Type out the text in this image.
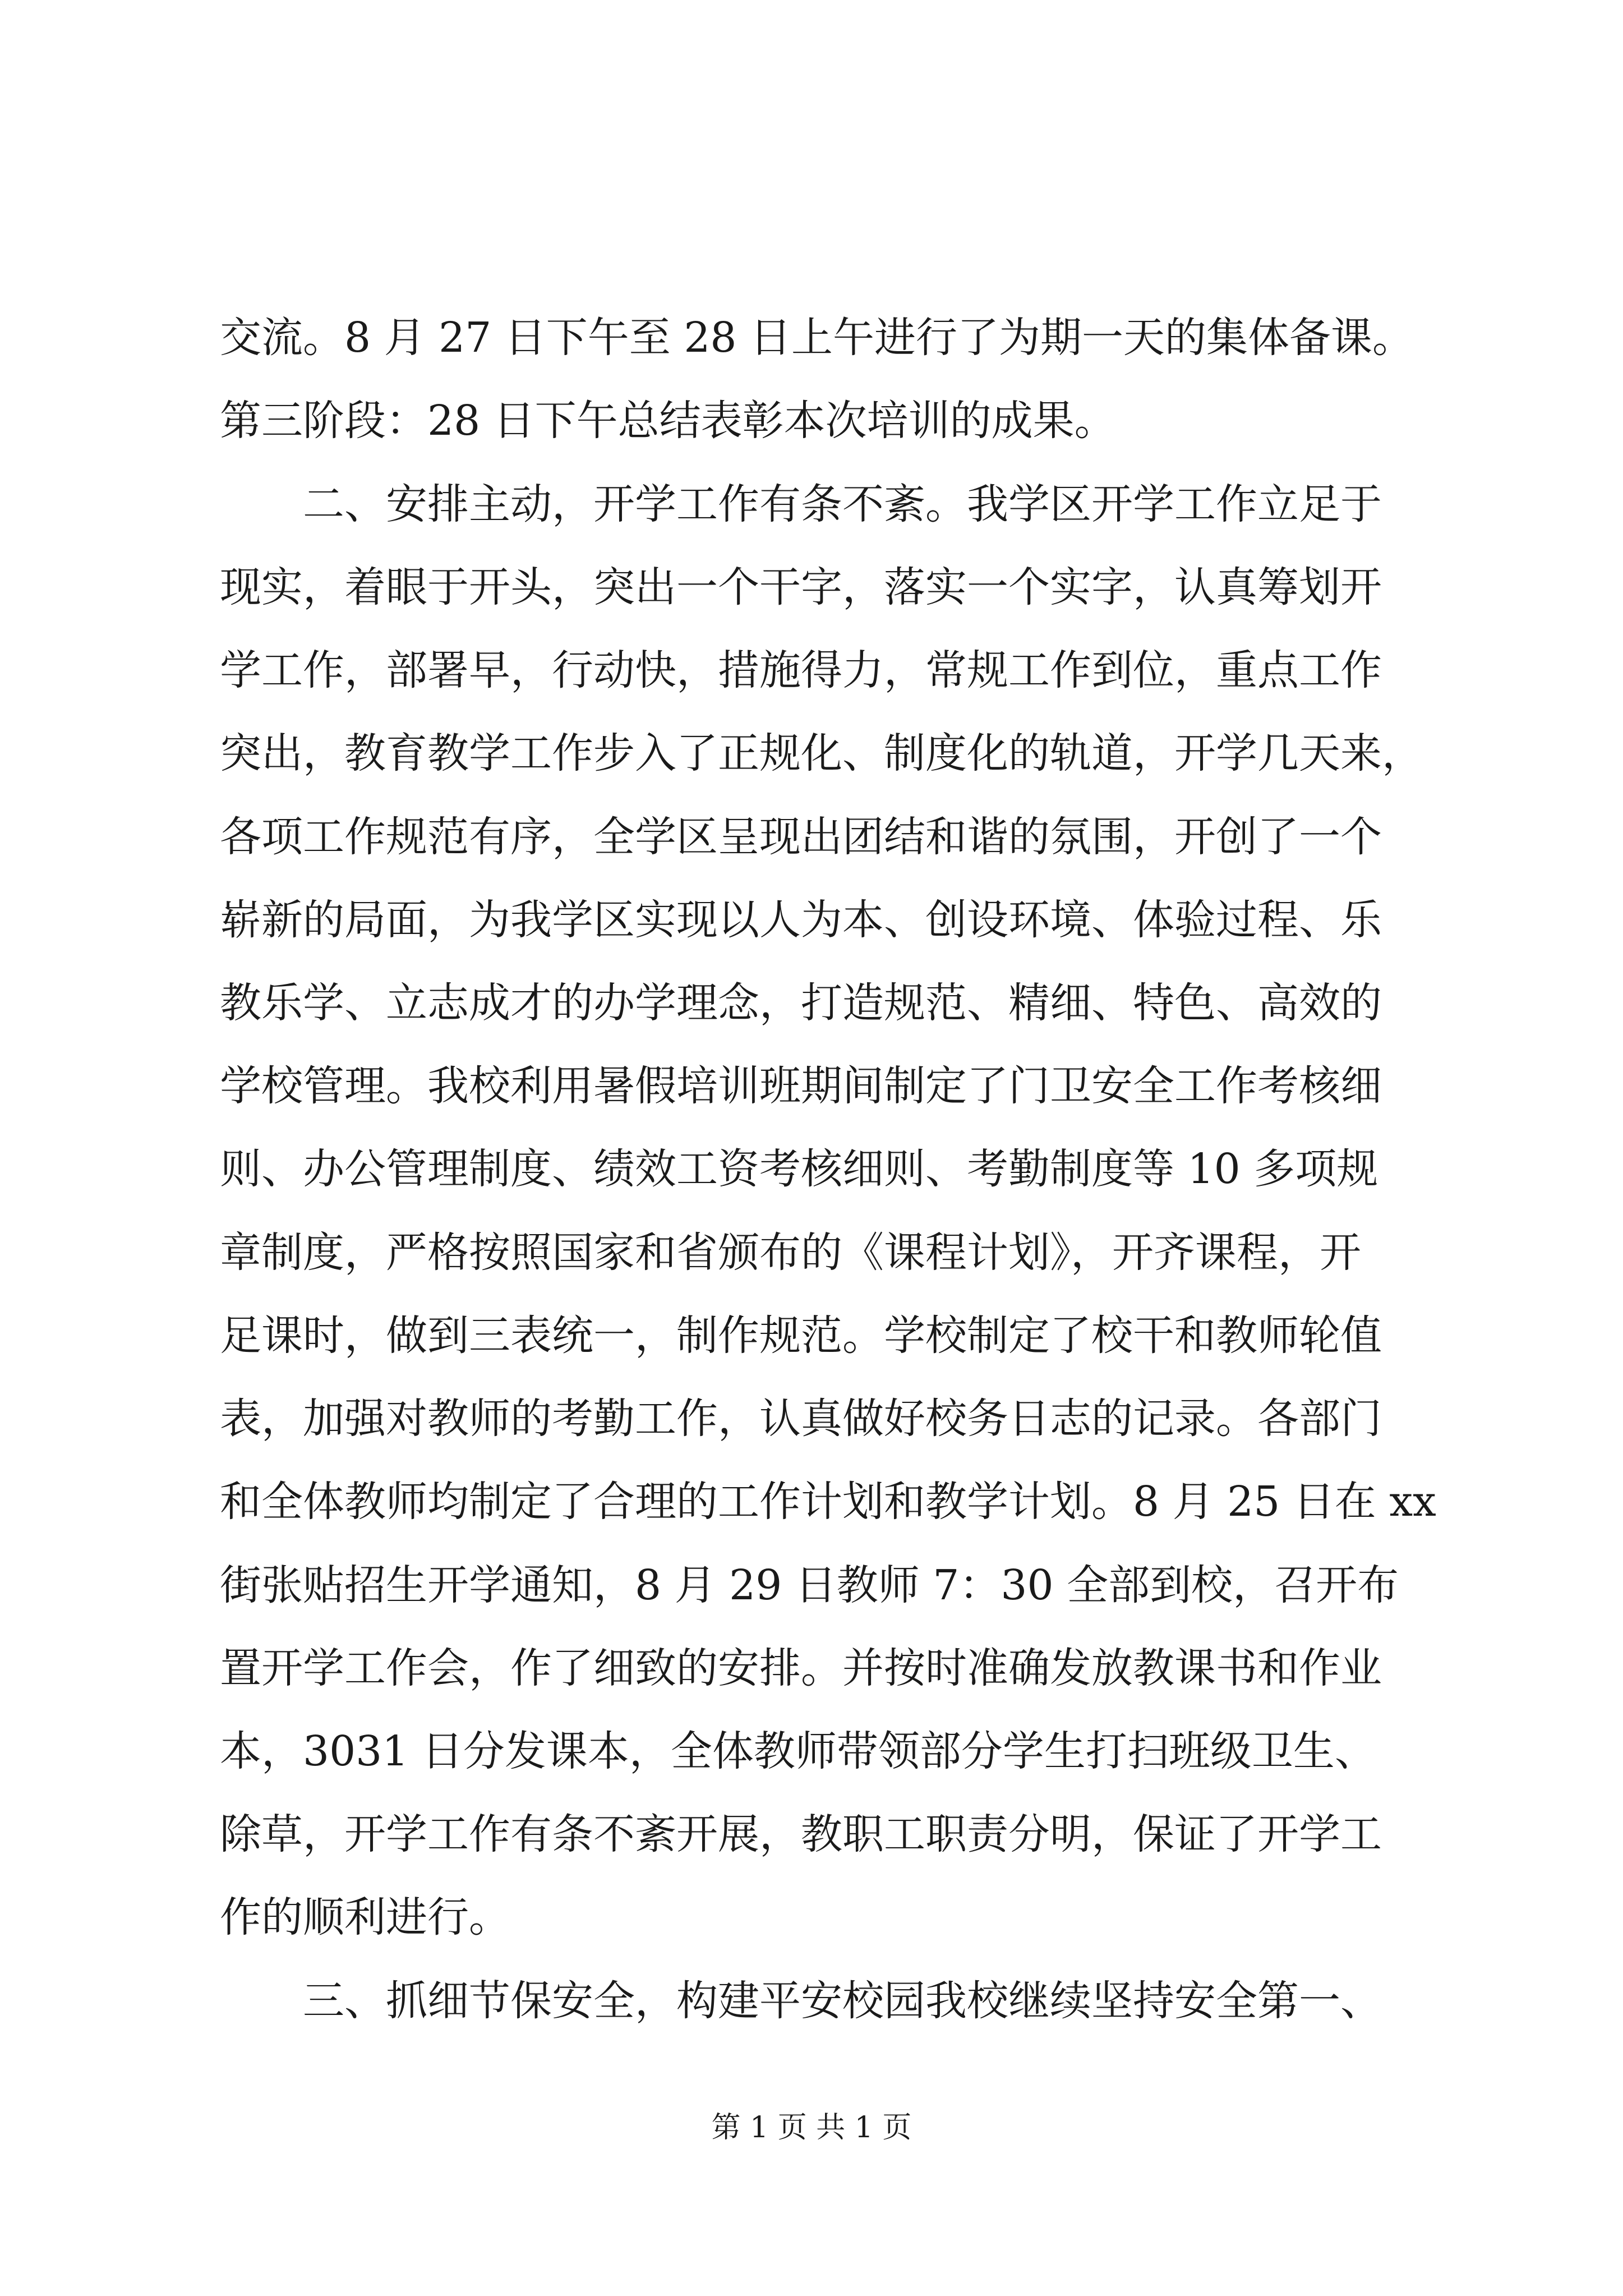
交流。8 月 27 日下午至 28 日上午进行了为期一天的集体备课。
第三阶段：28 日下午总结表彰本次培训的成果。
二、安排主动，开学工作有条不紊。我学区开学工作立足于
现实，着眼于开头，突出一个干字，落实一个实字，认真筹划开
学工作，部署早，行动快，措施得力，常规工作到位，重点工作
突出，教育教学工作步入了正规化、制度化的轨道，开学几天来，
各项工作规范有序，全学区呈现出团结和谐的氛围，开创了一个
崭新的局面，为我学区实现以人为本、创设环境、体验过程、乐
教乐学、立志成才的办学理念，打造规范、精细、特色、高效的
学校管理。我校利用暑假培训班期间制定了门卫安全工作考核细
则、办公管理制度、绩效工资考核细则、考勤制度等 10 多项规
章制度，严格按照国家和省颁布的《课程计划》，开齐课程，开
足课时，做到三表统一，制作规范。学校制定了校干和教师轮值
表，加强对教师的考勤工作，认真做好校务日志的记录。各部门
和全体教师均制定了合理的工作计划和教学计划。8 月 25 日在 xx
街张贴招生开学通知，8 月 29 日教师 7：30 全部到校，召开布
置开学工作会，作了细致的安排。并按时准确发放教课书和作业
本，3031 日分发课本，全体教师带领部分学生打扫班级卫生、
除草，开学工作有条不紊开展，教职工职责分明，保证了开学工
作的顺利进行。
三、抓细节保安全，构建平安校园我校继续坚持安全第一、
第 1 页 共 1 页
